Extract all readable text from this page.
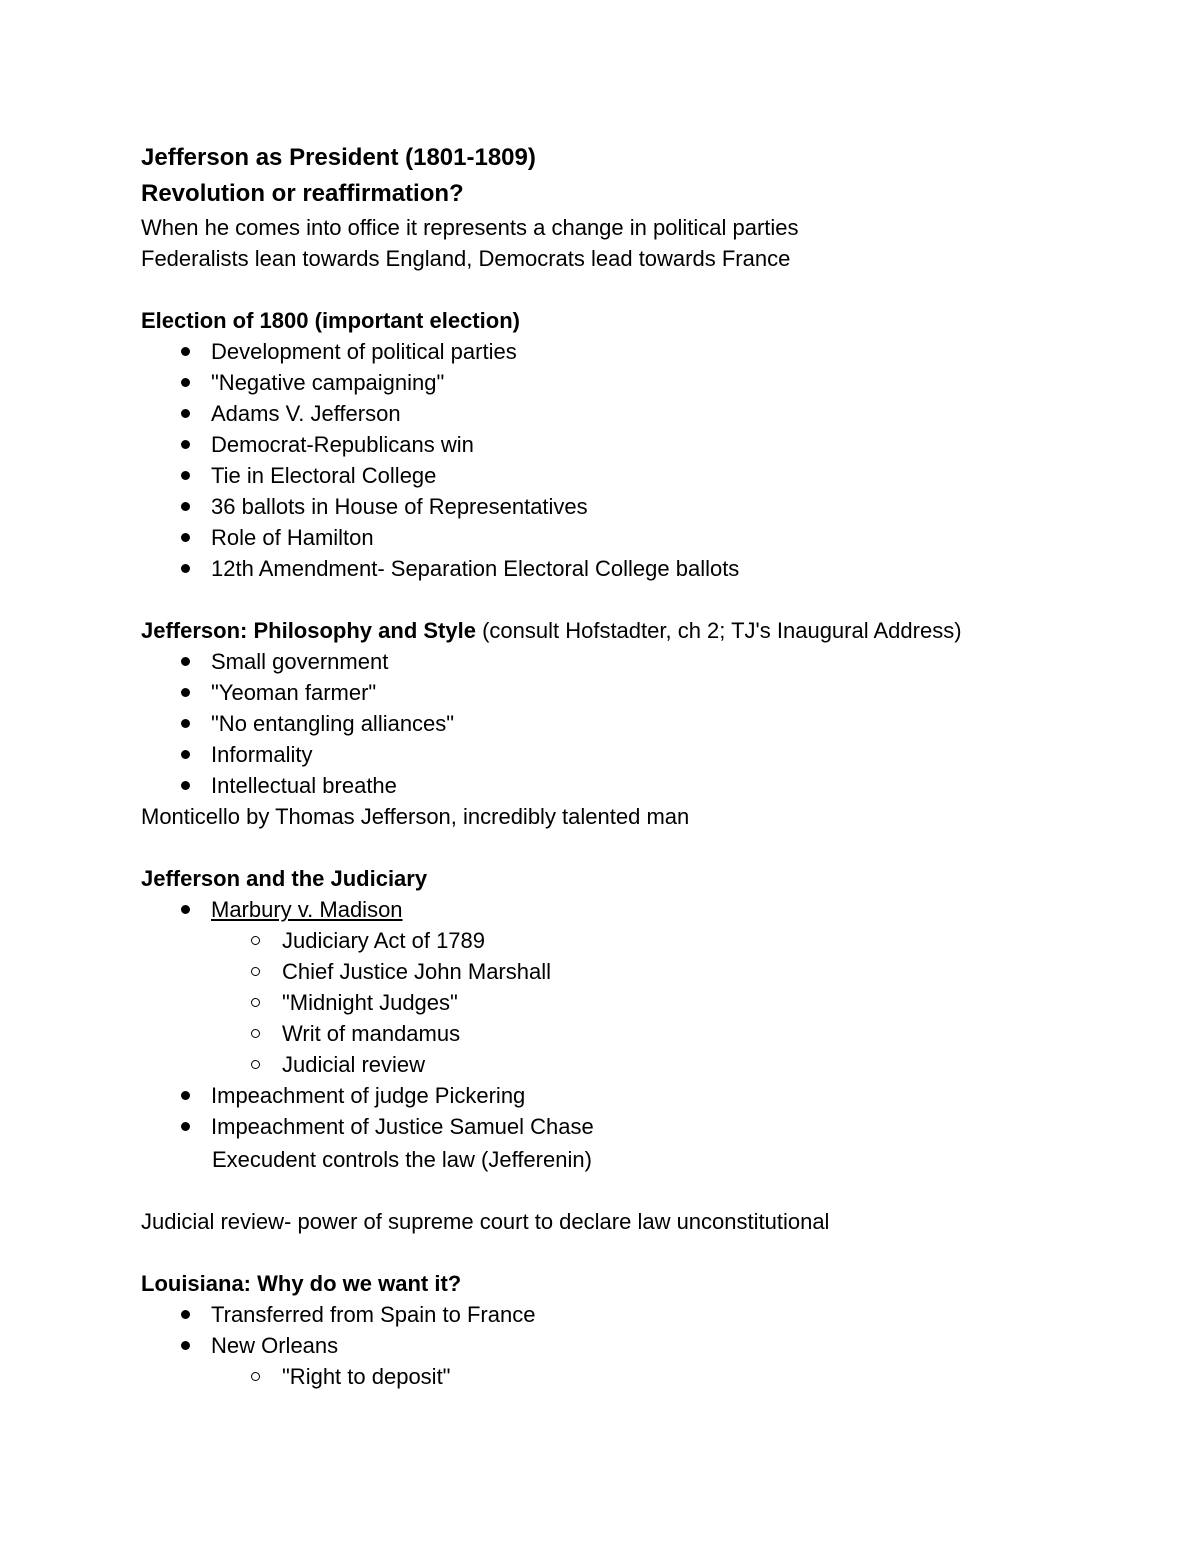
Jefferson as President (1801-1809)
Revolution or reaffirmation?
When he comes into office it represents a change in political parties
Federalists lean towards England, Democrats lead towards France
Election of 1800 (important election)
Development of political parties
"Negative campaigning"
Adams V. Jefferson
Democrat-Republicans win
Tie in Electoral College
36 ballots in House of Representatives
Role of Hamilton
12th Amendment- Separation Electoral College ballots
Jefferson: Philosophy and Style (consult Hofstadter, ch 2; TJ's Inaugural Address)
Small government
"Yeoman farmer"
"No entangling alliances"
Informality
Intellectual breathe
Monticello by Thomas Jefferson, incredibly talented man
Jefferson and the Judiciary
Marbury v. Madison
Judiciary Act of 1789
Chief Justice John Marshall
"Midnight Judges"
Writ of mandamus
Judicial review
Impeachment of judge Pickering
Impeachment of Justice Samuel Chase
Execudent controls the law (Jefferenin)
Judicial review- power of supreme court to declare law unconstitutional
Louisiana: Why do we want it?
Transferred from Spain to France
New Orleans
"Right to deposit"
